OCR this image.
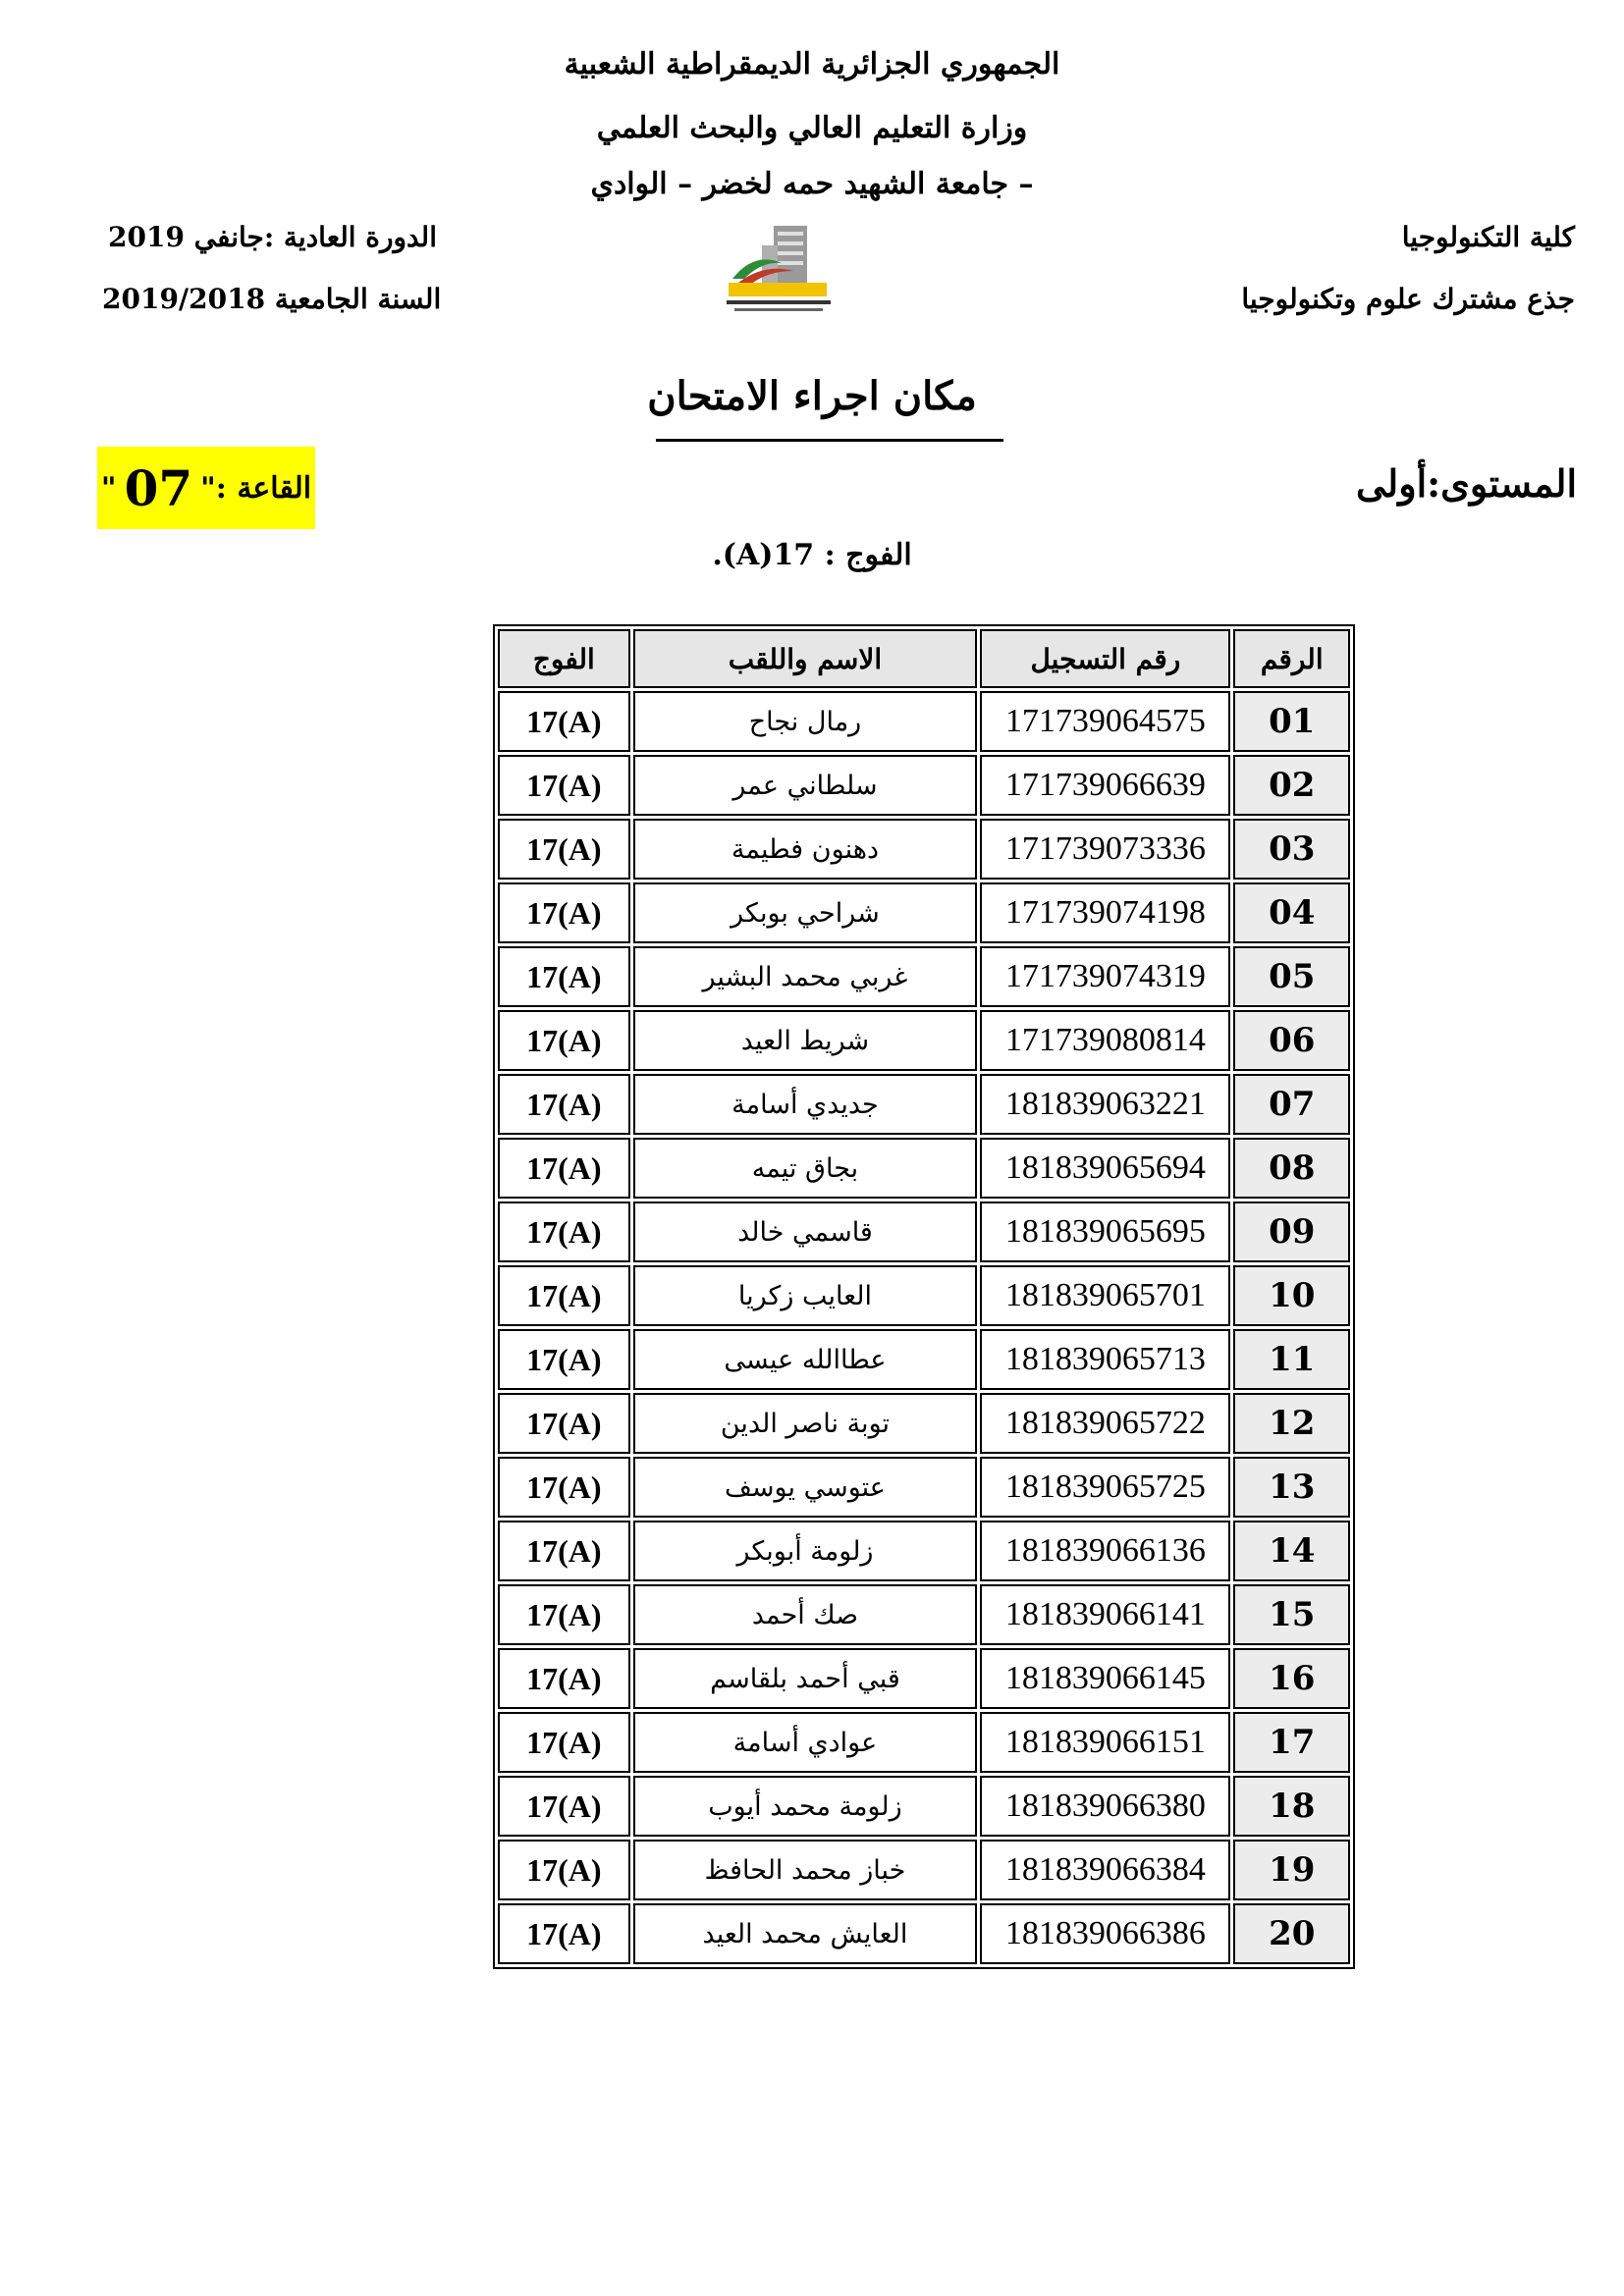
الجمهوري الجزائرية الديمقراطية الشعبية
وزارة التعليم العالي والبحث العلمي
جامعة الشهيد حمه لخضر – الوادي –
كلية التكنولوجيا
جذع مشترك علوم وتكنولوجيا
الدورة العادية :جانفي 2019
السنة الجامعية 2019/2018
مكان اجراء الامتحان
المستوى:أولى
القاعة :
"
07
"
الفوج : 17(A).
الرقم	رقم التسجيل	الاسم واللقب	الفوج
01	171739064575	رمال نجاح	17(A)
02	171739066639	سلطاني عمر	17(A)
03	171739073336	دهنون فطيمة	17(A)
04	171739074198	شراحي بوبكر	17(A)
05	171739074319	غربي محمد البشير	17(A)
06	171739080814	شريط العيد	17(A)
07	181839063221	جديدي أسامة	17(A)
08	181839065694	بجاق تيمه	17(A)
09	181839065695	قاسمي خالد	17(A)
10	181839065701	العايب زكريا	17(A)
11	181839065713	عطاالله عيسى	17(A)
12	181839065722	توبة ناصر الدين	17(A)
13	181839065725	عتوسي يوسف	17(A)
14	181839066136	زلومة أبوبكر	17(A)
15	181839066141	صك أحمد	17(A)
16	181839066145	قبي أحمد بلقاسم	17(A)
17	181839066151	عوادي أسامة	17(A)
18	181839066380	زلومة محمد أيوب	17(A)
19	181839066384	خباز محمد الحافظ	17(A)
20	181839066386	العايش محمد العيد	17(A)
